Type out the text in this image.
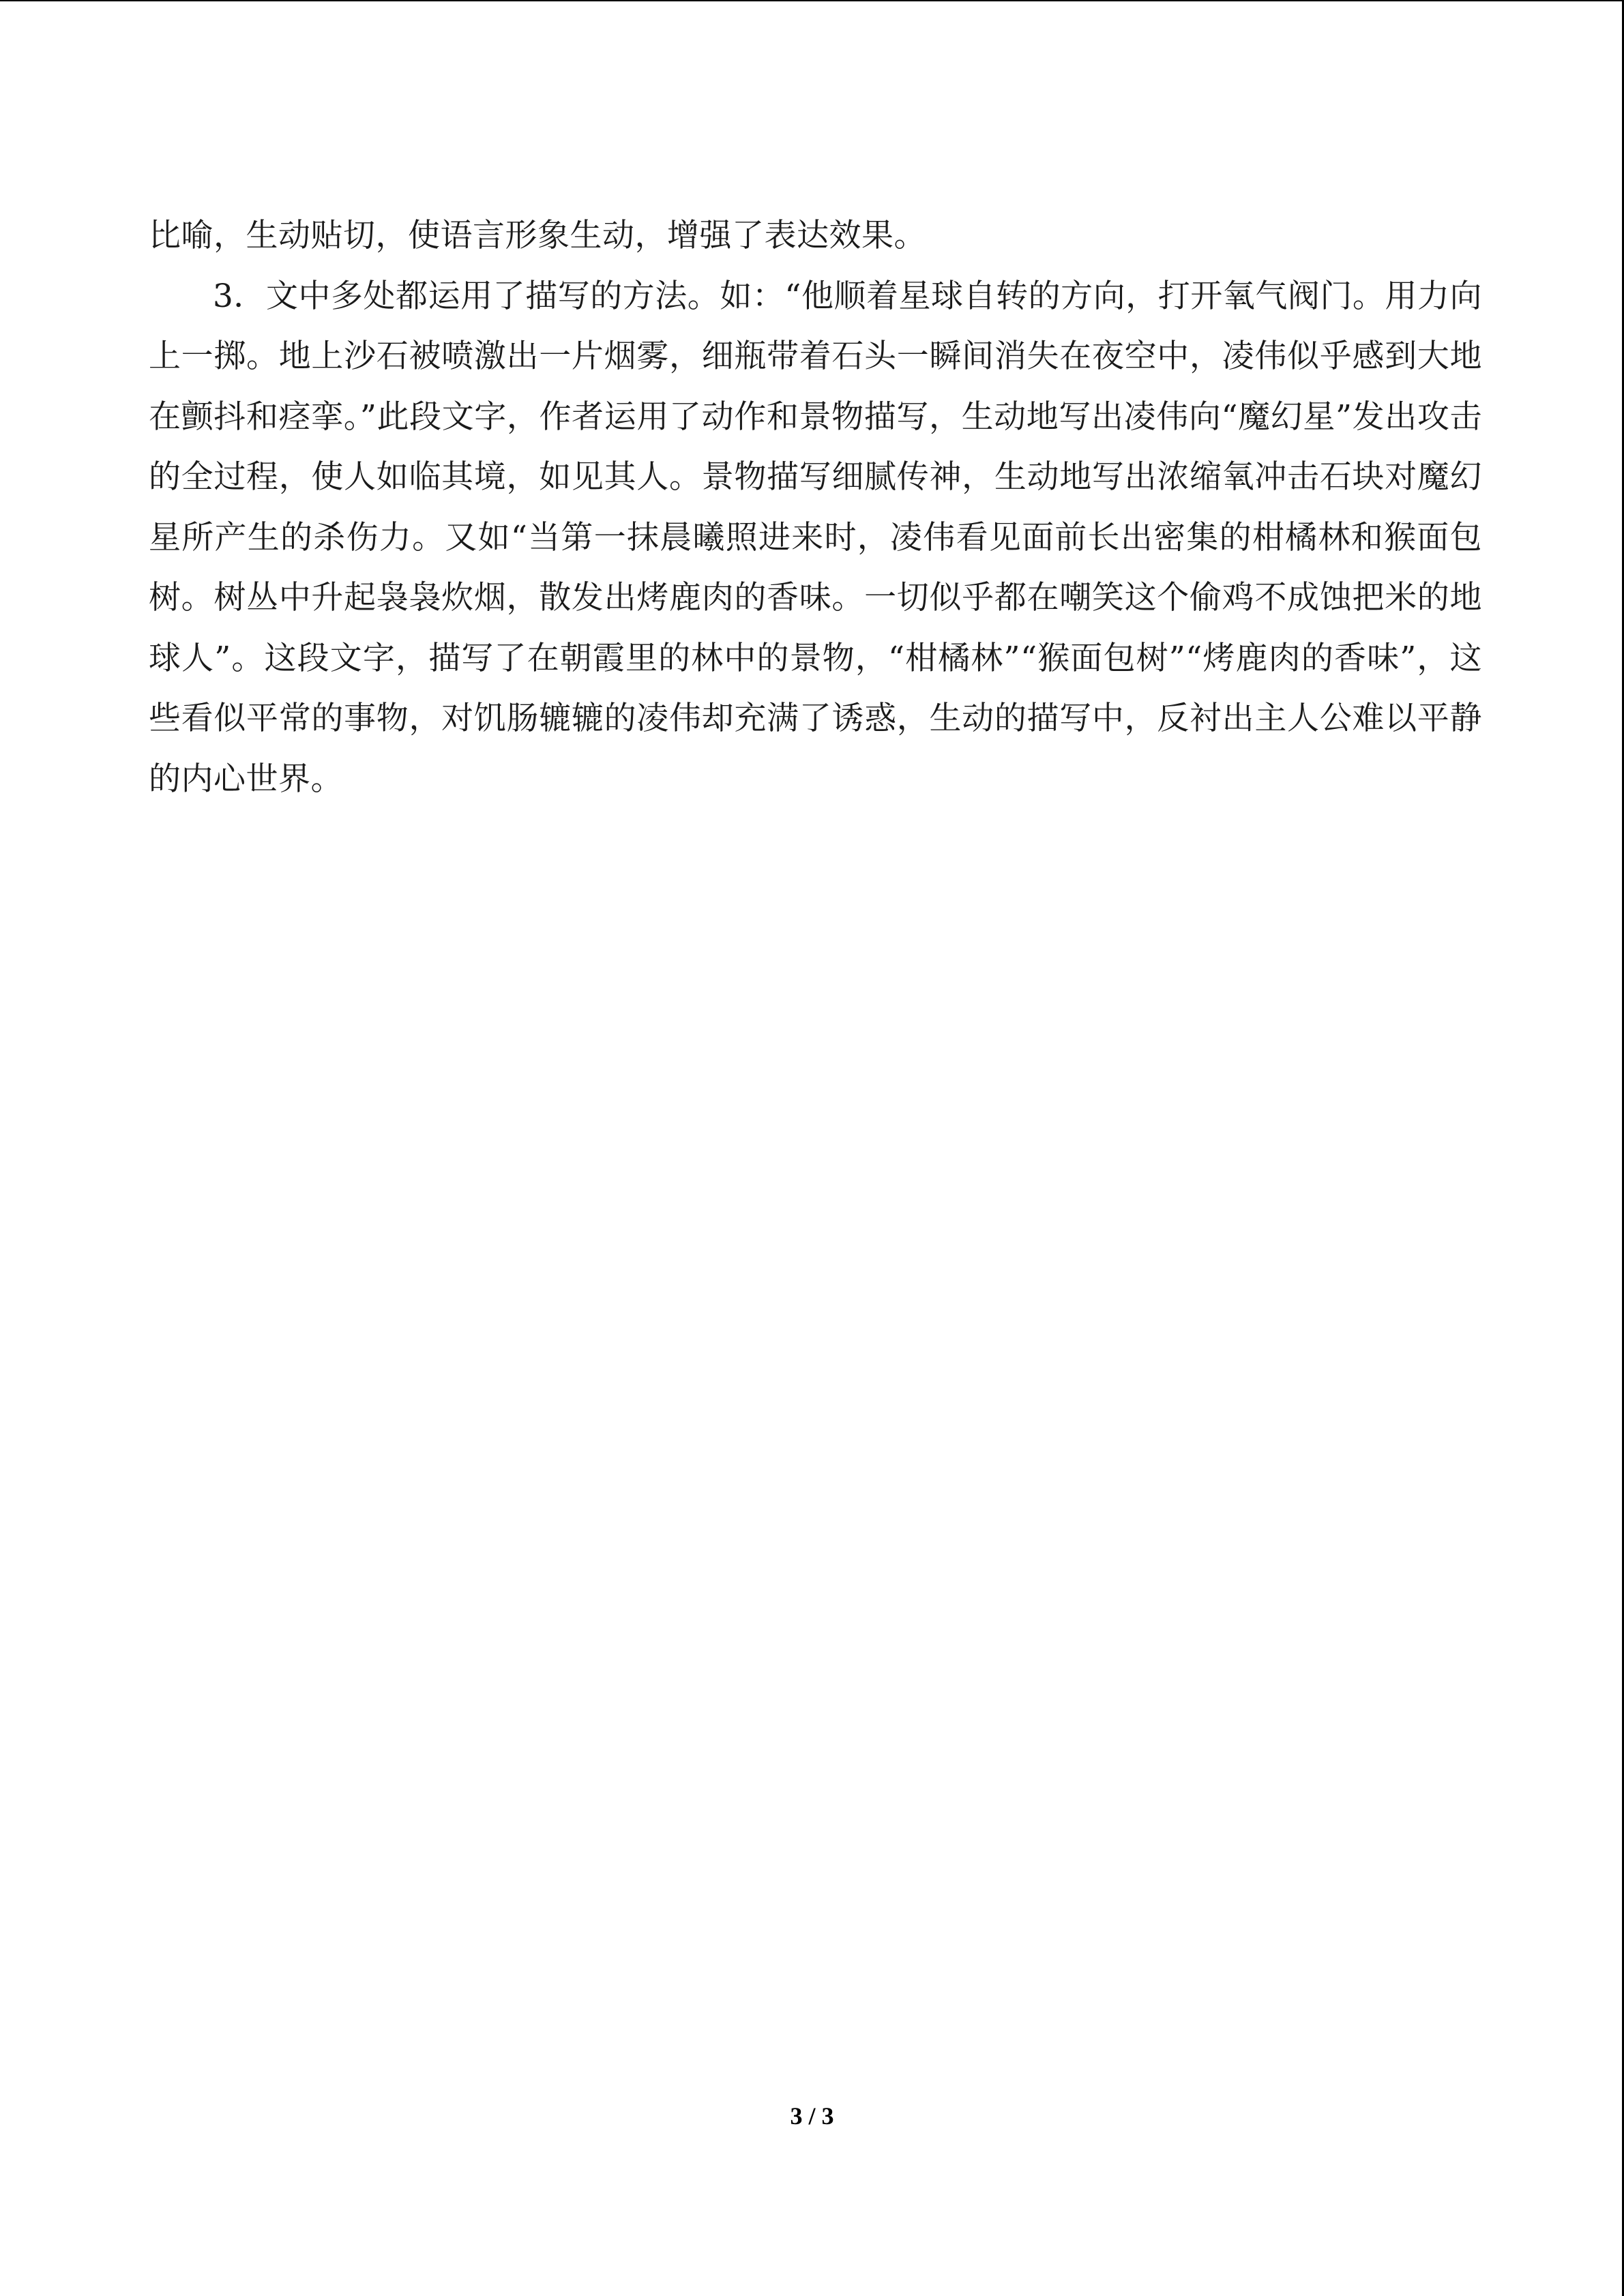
比喻，生动贴切，使语言形象生动，增强了表达效果。

3．文中多处都运用了描写的方法。如：“他顺着星球自转的方向，打开氧气阀门。用力向上一掷。地上沙石被喷激出一片烟雾，细瓶带着石头一瞬间消失在夜空中，凌伟似乎感到大地在颤抖和痉挛。”此段文字，作者运用了动作和景物描写，生动地写出凌伟向“魔幻星”发出攻击的全过程，使人如临其境，如见其人。景物描写细腻传神，生动地写出浓缩氧冲击石块对魔幻星所产生的杀伤力。又如“当第一抹晨曦照进来时，凌伟看见面前长出密集的柑橘林和猴面包树。树丛中升起袅袅炊烟，散发出烤鹿肉的香味。一切似乎都在嘲笑这个偷鸡不成蚀把米的地球人”。这段文字，描写了在朝霞里的林中的景物，“柑橘林”“猴面包树”“烤鹿肉的香味”，这些看似平常的事物，对饥肠辘辘的凌伟却充满了诱惑，生动的描写中，反衬出主人公难以平静的内心世界。

3 / 3
